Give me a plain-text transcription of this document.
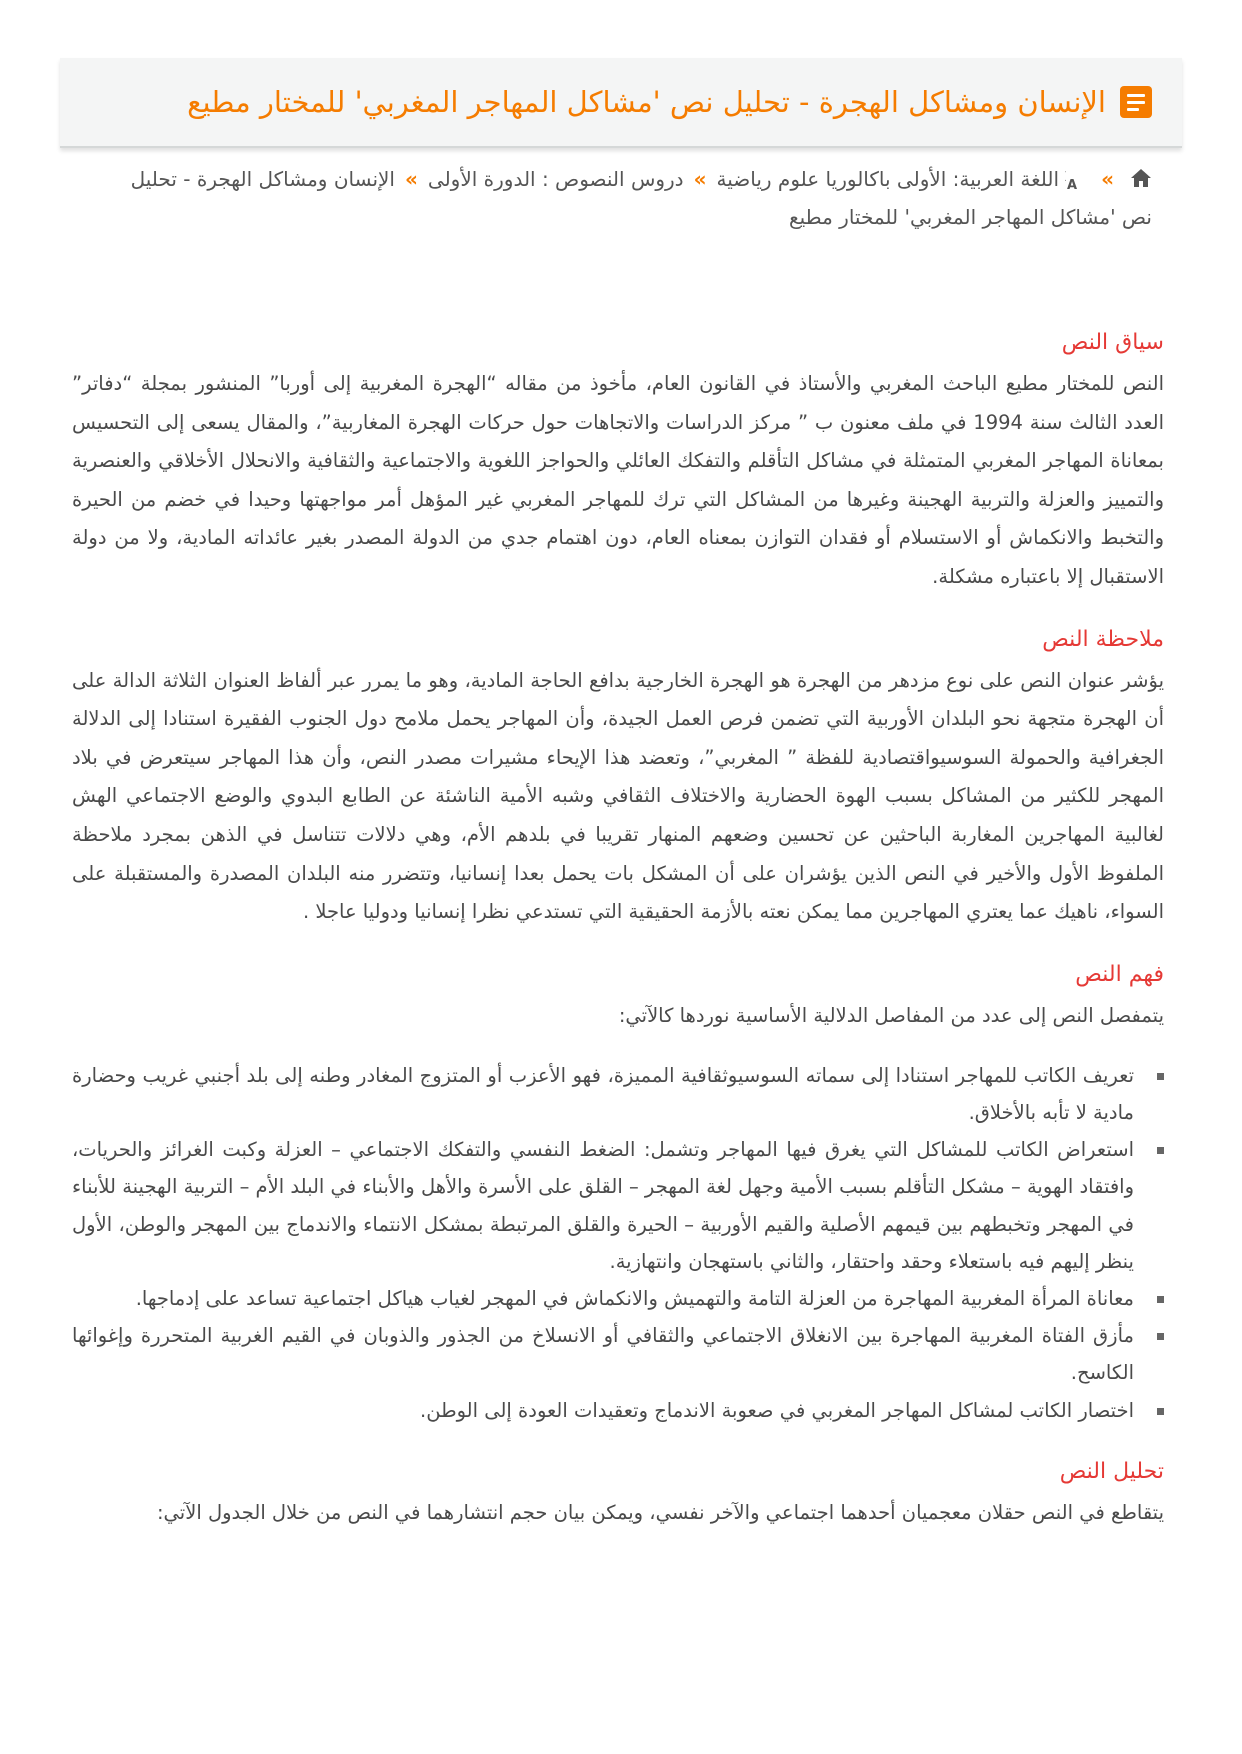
الإنسان ومشاكل الهجرة - تحليل نص 'مشاكل المهاجر المغربي' للمختار مطيع
»
A
اللغة العربية: الأولى باكالوريا علوم رياضية»دروس النصوص : الدورة الأولى»الإنسان ومشاكل الهجرة - تحليل نص 'مشاكل المهاجر المغربي' للمختار مطيع
سياق النص

النص للمختار مطيع الباحث المغربي والأستاذ في القانون العام، مأخوذ من مقاله “الهجرة المغربية إلى أوربا” المنشور بمجلة “دفاتر” العدد الثالث سنة 1994 في ملف معنون ب ” مركز الدراسات والاتجاهات حول حركات الهجرة المغاربية”، والمقال يسعى إلى التحسيس بمعاناة المهاجر المغربي المتمثلة في مشاكل التأقلم والتفكك العائلي والحواجز اللغوية والاجتماعية والثقافية والانحلال الأخلاقي والعنصرية والتمييز والعزلة والتربية الهجينة وغيرها من المشاكل التي ترك للمهاجر المغربي غير المؤهل أمر مواجهتها وحيدا في خضم من الحيرة والتخبط والانكماش أو الاستسلام أو فقدان التوازن بمعناه العام، دون اهتمام جدي من الدولة المصدر بغير عائداته المادية، ولا من دولة الاستقبال إلا باعتباره مشكلة.

ملاحظة النص

يؤشر عنوان النص على نوع مزدهر من الهجرة هو الهجرة الخارجية بدافع الحاجة المادية، وهو ما يمرر عبر ألفاظ العنوان الثلاثة الدالة على أن الهجرة متجهة نحو البلدان الأوربية التي تضمن فرص العمل الجيدة، وأن المهاجر يحمل ملامح دول الجنوب الفقيرة استنادا إلى الدلالة الجغرافية والحمولة السوسيواقتصادية للفظة ” المغربي”، وتعضد هذا الإيحاء مشيرات مصدر النص، وأن هذا المهاجر سيتعرض في بلاد المهجر للكثير من المشاكل بسبب الهوة الحضارية والاختلاف الثقافي وشبه الأمية الناشئة عن الطابع البدوي والوضع الاجتماعي الهش لغالبية المهاجرين المغاربة الباحثين عن تحسين وضعهم المنهار تقريبا في بلدهم الأم، وهي دلالات تتناسل في الذهن بمجرد ملاحظة الملفوظ الأول والأخير في النص الذين يؤشران على أن المشكل بات يحمل بعدا إنسانيا، وتتضرر منه البلدان المصدرة والمستقبلة على السواء، ناهيك عما يعتري المهاجرين مما يمكن نعته بالأزمة الحقيقية التي تستدعي نظرا إنسانيا ودوليا عاجلا .

فهم النص

يتمفصل النص إلى عدد من المفاصل الدلالية الأساسية نوردها كالآتي:

تعريف الكاتب للمهاجر استنادا إلى سماته السوسيوثقافية المميزة، فهو الأعزب أو المتزوج المغادر وطنه إلى بلد أجنبي غريب وحضارة مادية لا تأبه بالأخلاق.
استعراض الكاتب للمشاكل التي يغرق فيها المهاجر وتشمل: الضغط النفسي والتفكك الاجتماعي – العزلة وكبت الغرائز والحريات، وافتقاد الهوية – مشكل التأقلم بسبب الأمية وجهل لغة المهجر – القلق على الأسرة والأهل والأبناء في البلد الأم – التربية الهجينة للأبناء في المهجر وتخبطهم بين قيمهم الأصلية والقيم الأوربية – الحيرة والقلق المرتبطة بمشكل الانتماء والاندماج بين المهجر والوطن، الأول ينظر إليهم فيه باستعلاء وحقد واحتقار، والثاني باستهجان وانتهازية.
معاناة المرأة المغربية المهاجرة من العزلة التامة والتهميش والانكماش في المهجر لغياب هياكل اجتماعية تساعد على إدماجها.
مأزق الفتاة المغربية المهاجرة بين الانغلاق الاجتماعي والثقافي أو الانسلاخ من الجذور والذوبان في القيم الغربية المتحررة وإغوائها الكاسح.
اختصار الكاتب لمشاكل المهاجر المغربي في صعوبة الاندماج وتعقيدات العودة إلى الوطن.
تحليل النص

يتقاطع في النص حقلان معجميان أحدهما اجتماعي والآخر نفسي، ويمكن بيان حجم انتشارهما في النص من خلال الجدول الآتي:
